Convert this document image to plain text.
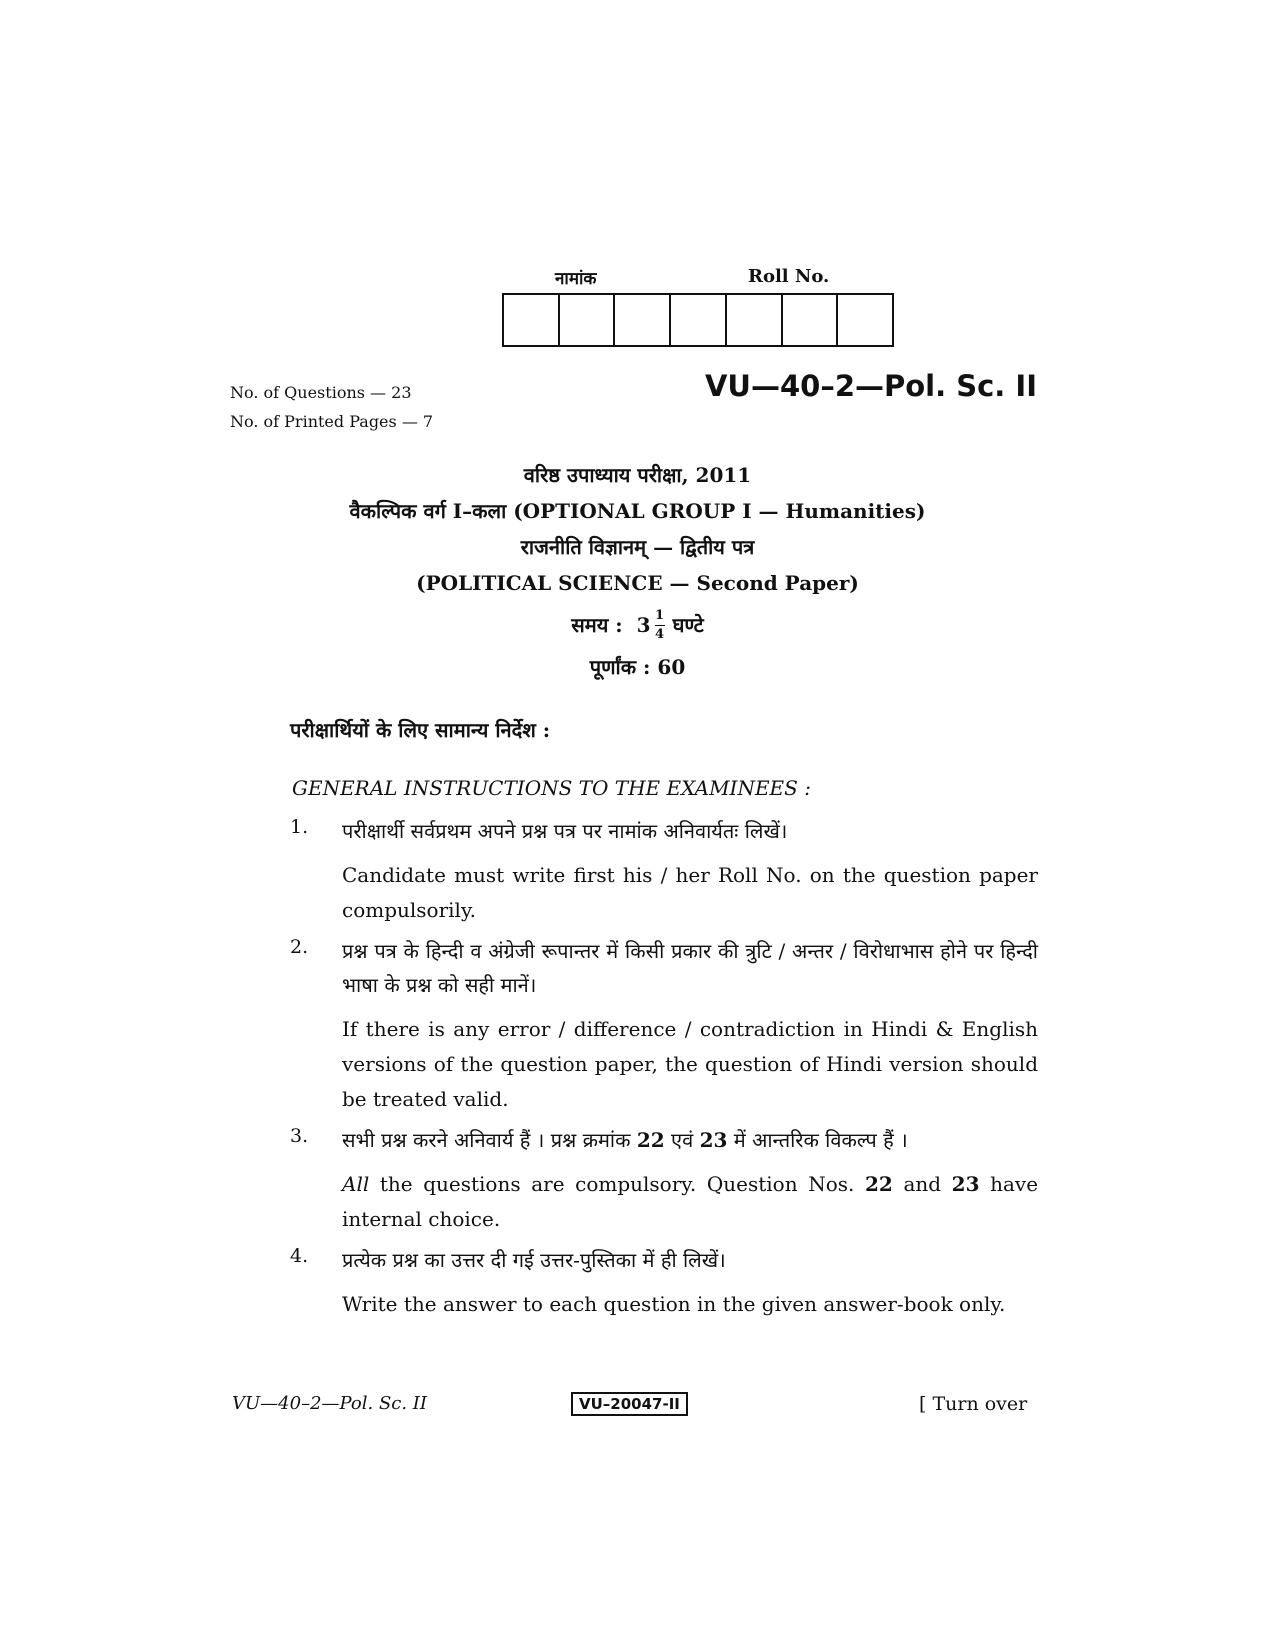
नामांक	Roll No.
No. of Questions — 23
No. of Printed Pages — 7
VU—40–2—Pol. Sc. II
वरिष्ठ उपाध्याय परीक्षा, 2011
वैकल्पिक वर्ग I–कला (OPTIONAL GROUP I — Humanities)
राजनीति विज्ञानम् — द्वितीय पत्र
(POLITICAL SCIENCE — Second Paper)
समय : $3 \frac{1}{4}$ घण्टे
पूर्णांक : 60
परीक्षार्थियों के लिए सामान्य निर्देश :
GENERAL INSTRUCTIONS TO THE EXAMINEES :
1.	परीक्षार्थी सर्वप्रथम अपने प्रश्न पत्र पर नामांक अनिवार्यतः लिखें।
Candidate must write first his / her Roll No. on the question paper compulsorily.
2.	प्रश्न पत्र के हिन्दी व अंग्रेजी रूपान्तर में किसी प्रकार की त्रुटि / अन्तर / विरोधाभास होने पर हिन्दी भाषा के प्रश्न को सही मानें।
If there is any error / difference / contradiction in Hindi & English versions of the question paper, the question of Hindi version should be treated valid.
3.	सभी प्रश्न करने अनिवार्य हैं । प्रश्न क्रमांक 22 एवं 23 में आन्तरिक विकल्प हैं ।
All the questions are compulsory. Question Nos. 22 and 23 have internal choice.
4.	प्रत्येक प्रश्न का उत्तर दी गई उत्तर-पुस्तिका में ही लिखें।
Write the answer to each question in the given answer-book only.
VU—40–2—Pol. Sc. II	VU–20047-II	[ Turn over
